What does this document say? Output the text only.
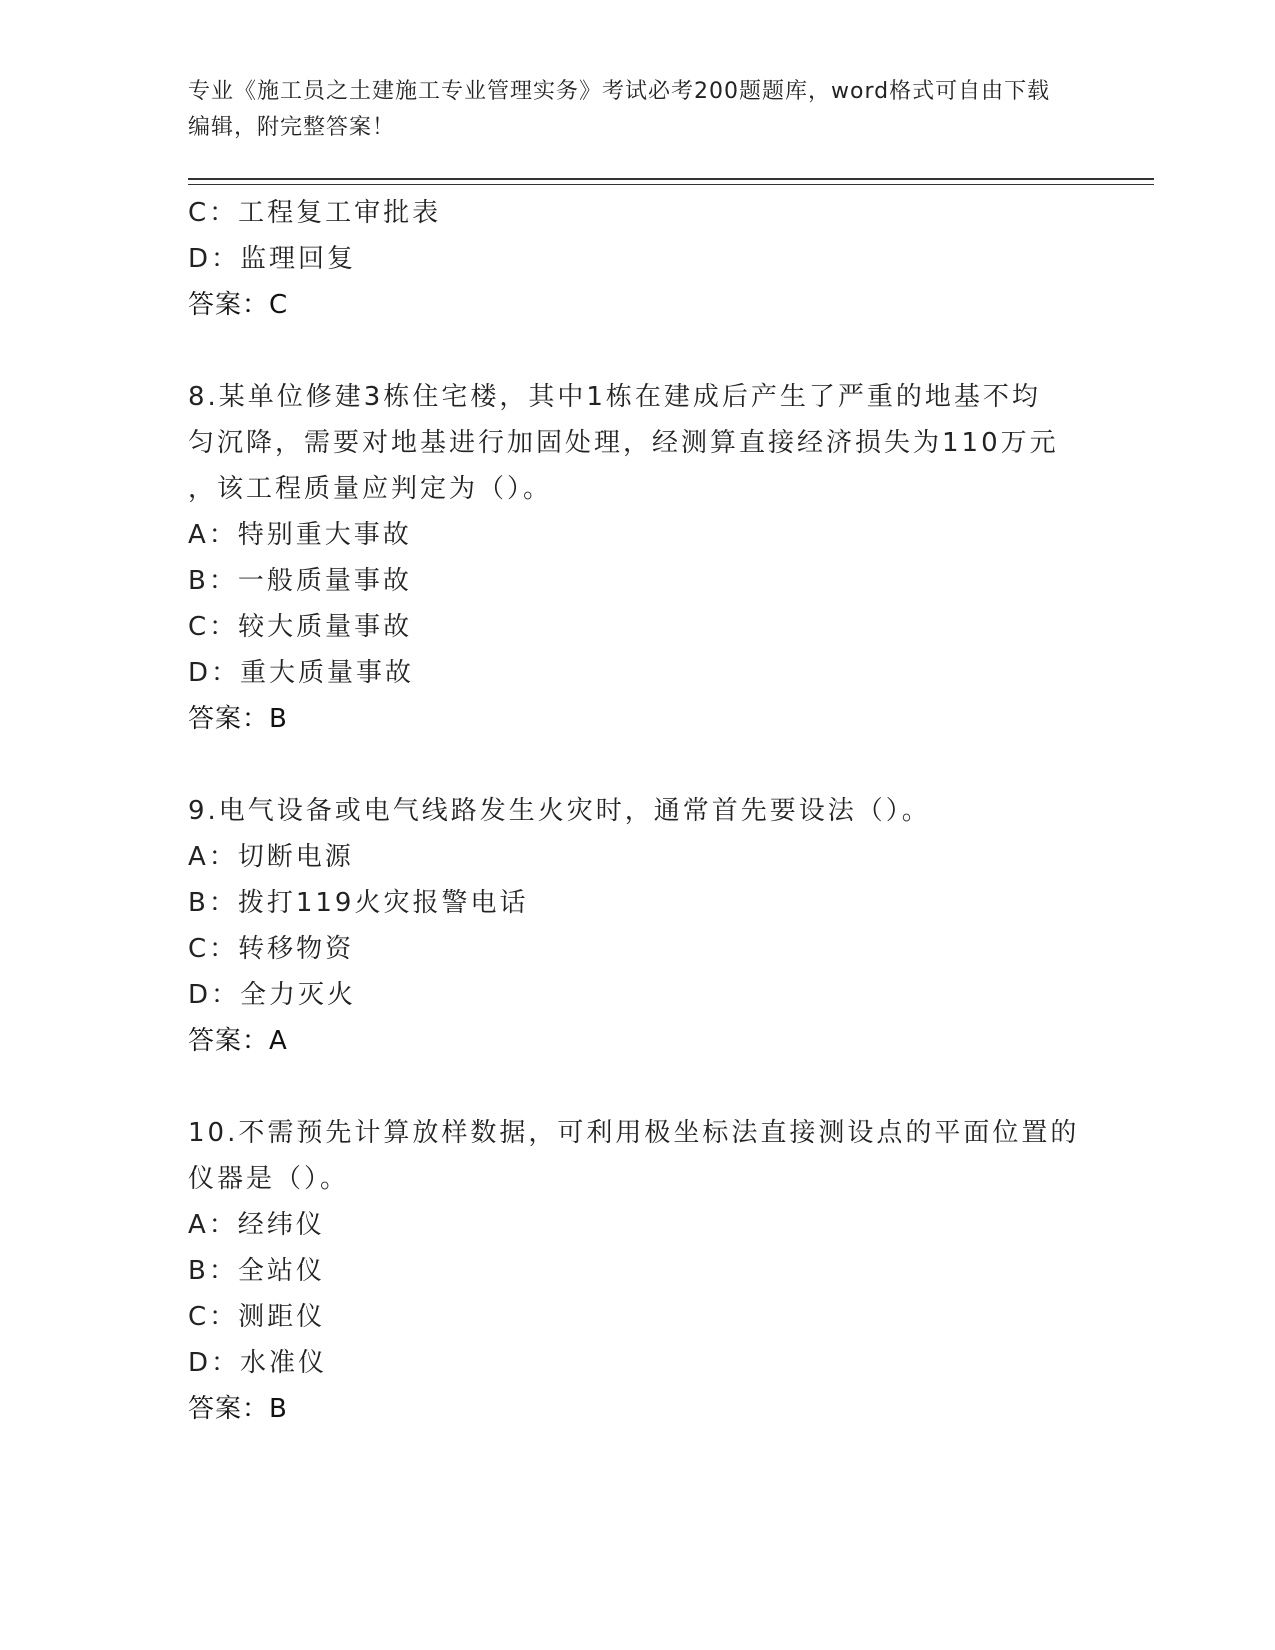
专业《施工员之土建施工专业管理实务》考试必考200题题库，word格式可自由下载编辑，附完整答案！
C：工程复工审批表
D：监理回复
答案：C
8.某单位修建3栋住宅楼，其中1栋在建成后产生了严重的地基不均
匀沉降，需要对地基进行加固处理，经测算直接经济损失为110万元
，该工程质量应判定为（）。
A：特别重大事故
B：一般质量事故
C：较大质量事故
D：重大质量事故
答案：B
9.电气设备或电气线路发生火灾时，通常首先要设法（）。
A：切断电源
B：拨打119火灾报警电话
C：转移物资
D：全力灭火
答案：A
10.不需预先计算放样数据，可利用极坐标法直接测设点的平面位置的
仪器是（）。
A：经纬仪
B：全站仪
C：测距仪
D：水准仪
答案：B
